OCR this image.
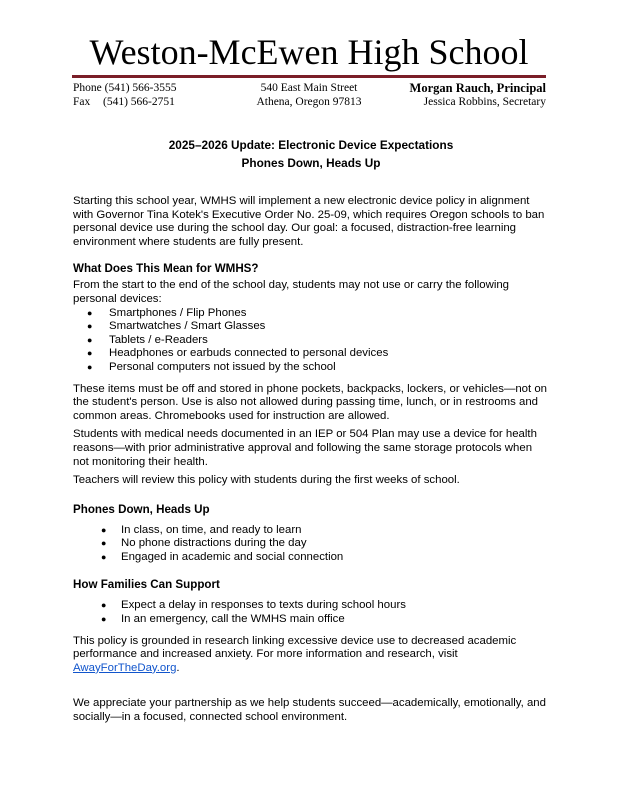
Weston-McEwen High School
Phone (541) 566-3555
Fax (541) 566-2751
540 East Main Street
Athena, Oregon 97813
Morgan Rauch, Principal
Jessica Robbins, Secretary
2025–2026 Update: Electronic Device Expectations
Phones Down, Heads Up

Starting this school year, WMHS will implement a new electronic device policy in alignment with Governor Tina Kotek's Executive Order No. 25-09, which requires Oregon schools to ban personal device use during the school day. Our goal: a focused, distraction-free learning environment where students are fully present.

What Does This Mean for WMHS?

From the start to the end of the school day, students may not use or carry the following personal devices:

●	Smartphones / Flip Phones
●	Smartwatches / Smart Glasses
●	Tablets / e-Readers
●	Headphones or earbuds connected to personal devices
●	Personal computers not issued by the school

These items must be off and stored in phone pockets, backpacks, lockers, or vehicles—not on the student's person. Use is also not allowed during passing time, lunch, or in restrooms and common areas. Chromebooks used for instruction are allowed.

Students with medical needs documented in an IEP or 504 Plan may use a device for health reasons—with prior administrative approval and following the same storage protocols when not monitoring their health.

Teachers will review this policy with students during the first weeks of school.

Phones Down, Heads Up
●	In class, on time, and ready to learn
●	No phone distractions during the day
●	Engaged in academic and social connection
How Families Can Support
●	Expect a delay in responses to texts during school hours
●	In an emergency, call the WMHS main office

This policy is grounded in research linking excessive device use to decreased academic performance and increased anxiety. For more information and research, visit
AwayForTheDay.org.

We appreciate your partnership as we help students succeed—academically, emotionally, and socially—in a focused, connected school environment.
